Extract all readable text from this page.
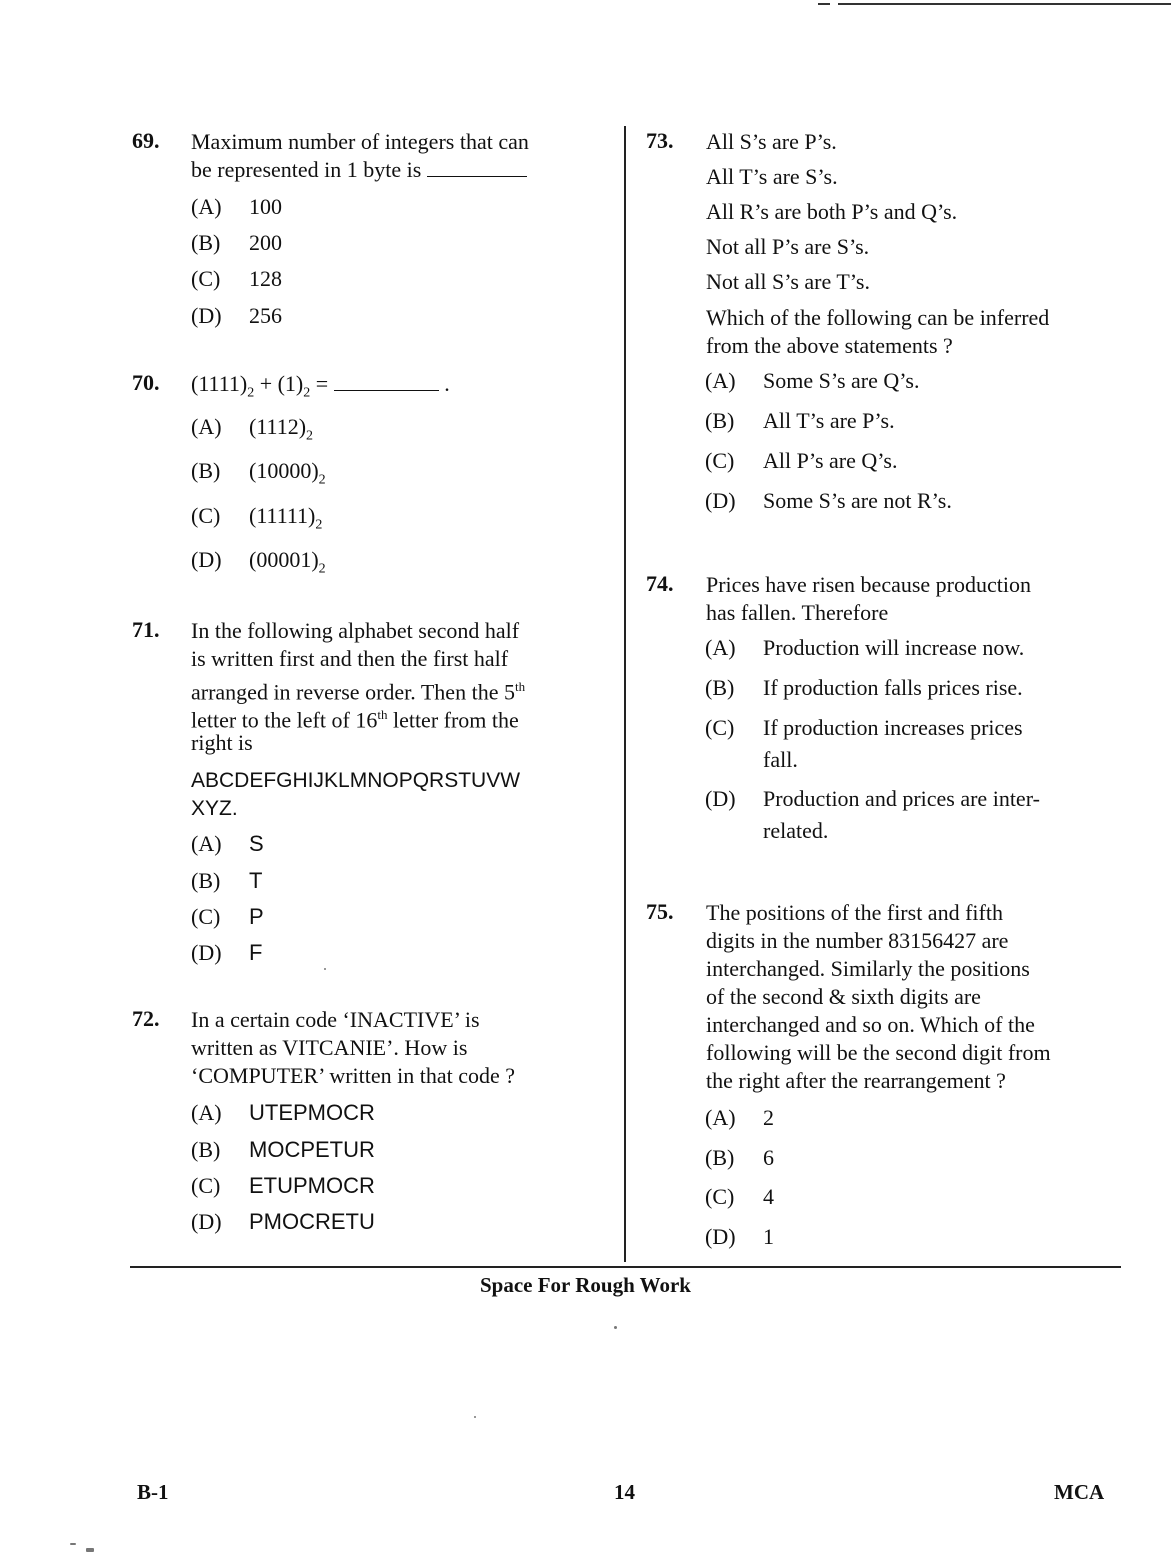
69. Maximum number of integers that can
be represented in 1 byte is
(A) 100
(B) 200
(C) 128
(D) 256
70. $(1111)_2 + (1)_2$ =	.
(A) $(1112)_2$
(B) $(10000)_2$
(C) $(11111)_2$
(D) $(00001)_2$
71. In the following alphabet second half
is written first and then the first half
arranged in reverse order. Then the 5th
letter to the left of 16th letter from the
right is
ABCDEFGHIJKLMNOPQRSTUVW
XYZ.
(A) S
(B) T
(C) P
(D) F
72. In a certain code ‘INACTIVE’ is
written as VITCANIE’. How is
‘COMPUTER’ written in that code ?
(A) UTEPMOCR
(B) MOCPETUR
(C) ETUPMOCR
(D) PMOCRETU
73. All S’s are P’s.
All T’s are S’s.
All R’s are both P’s and Q’s.
Not all P’s are S’s.
Not all S’s are T’s.
Which of the following can be inferred
from the above statements ?
(A) Some S’s are Q’s.
(B) All T’s are P’s.
(C) All P’s are Q’s.
(D) Some S’s are not R’s.
74. Prices have risen because production
has fallen. Therefore
(A) Production will increase now.
(B) If production falls prices rise.
(C) If production increases prices
fall.
(D) Production and prices are inter-
related.
75. The positions of the first and fifth
digits in the number 83156427 are
interchanged. Similarly the positions
of the second & sixth digits are
interchanged and so on. Which of the
following will be the second digit from
the right after the rearrangement ?
(A) 2
(B) 6
(C) 4
(D) 1
Space For Rough Work
B-1	14	MCA
